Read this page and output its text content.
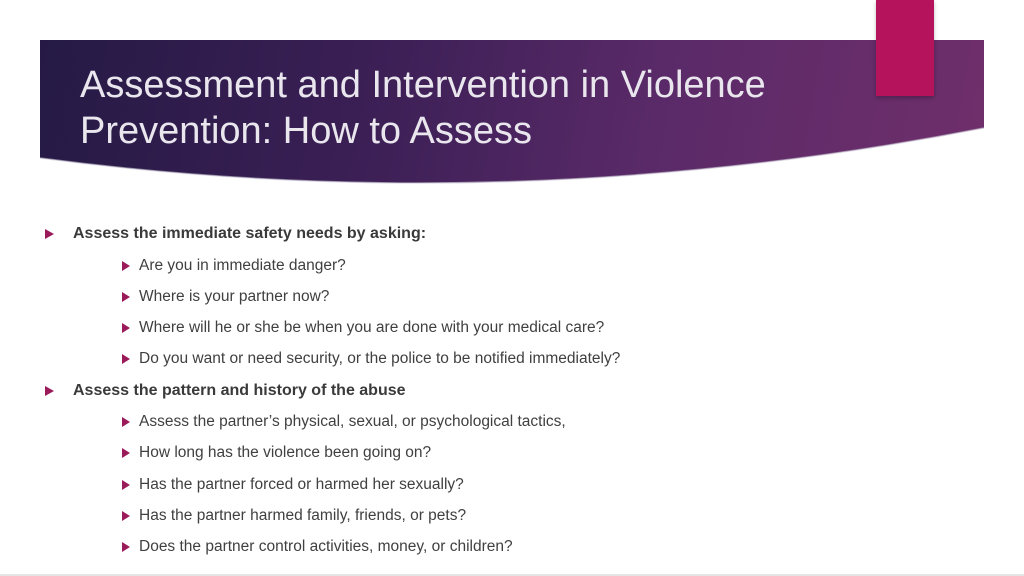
Assessment and Intervention in Violence Prevention: How to Assess
Assess the immediate safety needs by asking:
Are you in immediate danger?
Where is your partner now?
Where will he or she be when you are done with your medical care?
Do you want or need security, or the police to be notified immediately?
Assess the pattern and history of the abuse
Assess the partner’s physical, sexual, or psychological tactics,
How long has the violence been going on?
Has the partner forced or harmed her sexually?
Has the partner harmed family, friends, or pets?
Does the partner control activities, money, or children?
